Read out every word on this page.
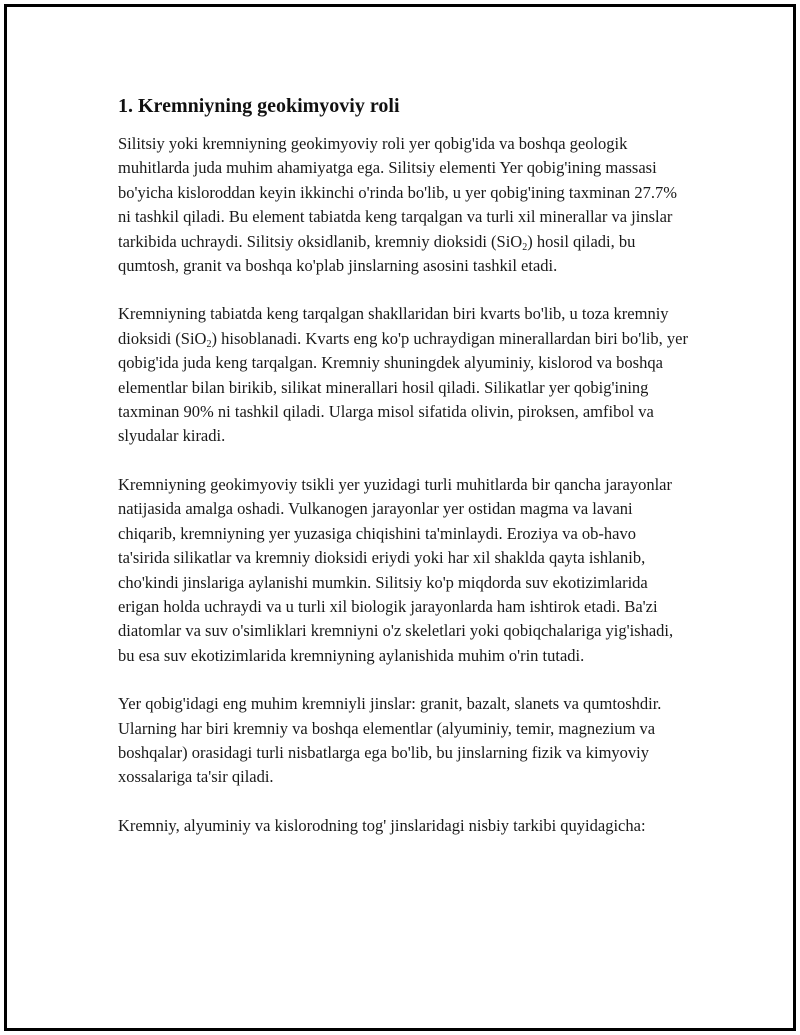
1. Kremniyning geokimyoviy roli

Silitsiy yoki kremniyning geokimyoviy roli yer qobig'ida va boshqa geologik muhitlarda juda muhim ahamiyatga ega. Silitsiy elementi Yer qobig'ining massasi bo'yicha kisloroddan keyin ikkinchi o'rinda bo'lib, u yer qobig'ining taxminan 27.7% ni tashkil qiladi. Bu element tabiatda keng tarqalgan va turli xil minerallar va jinslar tarkibida uchraydi. Silitsiy oksidlanib, kremniy dioksidi (SiO$_2$) hosil qiladi, bu qumtosh, granit va boshqa ko'plab jinslarning asosini tashkil etadi.

Kremniyning tabiatda keng tarqalgan shakllaridan biri kvarts bo'lib, u toza kremniy dioksidi (SiO$_2$) hisoblanadi. Kvarts eng ko'p uchraydigan minerallardan biri bo'lib, yer qobig'ida juda keng tarqalgan. Kremniy shuningdek alyuminiy, kislorod va boshqa elementlar bilan birikib, silikat minerallari hosil qiladi. Silikatlar yer qobig'ining taxminan 90% ni tashkil qiladi. Ularga misol sifatida olivin, piroksen, amfibol va slyudalar kiradi.

Kremniyning geokimyoviy tsikli yer yuzidagi turli muhitlarda bir qancha jarayonlar natijasida amalga oshadi. Vulkanogen jarayonlar yer ostidan magma va lavani chiqarib, kremniyning yer yuzasiga chiqishini ta'minlaydi. Eroziya va ob-havo ta'sirida silikatlar va kremniy dioksidi eriydi yoki har xil shaklda qayta ishlanib, cho'kindi jinslariga aylanishi mumkin. Silitsiy ko'p miqdorda suv ekotizimlarida erigan holda uchraydi va u turli xil biologik jarayonlarda ham ishtirok etadi. Ba'zi diatomlar va suv o'simliklari kremniyni o'z skeletlari yoki qobiqchalariga yig'ishadi, bu esa suv ekotizimlarida kremniyning aylanishida muhim o'rin tutadi.

Yer qobig'idagi eng muhim kremniyli jinslar: granit, bazalt, slanets va qumtoshdir. Ularning har biri kremniy va boshqa elementlar (alyuminiy, temir, magnezium va boshqalar) orasidagi turli nisbatlarga ega bo'lib, bu jinslarning fizik va kimyoviy xossalariga ta'sir qiladi.

Kremniy, alyuminiy va kislorodning tog' jinslaridagi nisbiy tarkibi quyidagicha:
